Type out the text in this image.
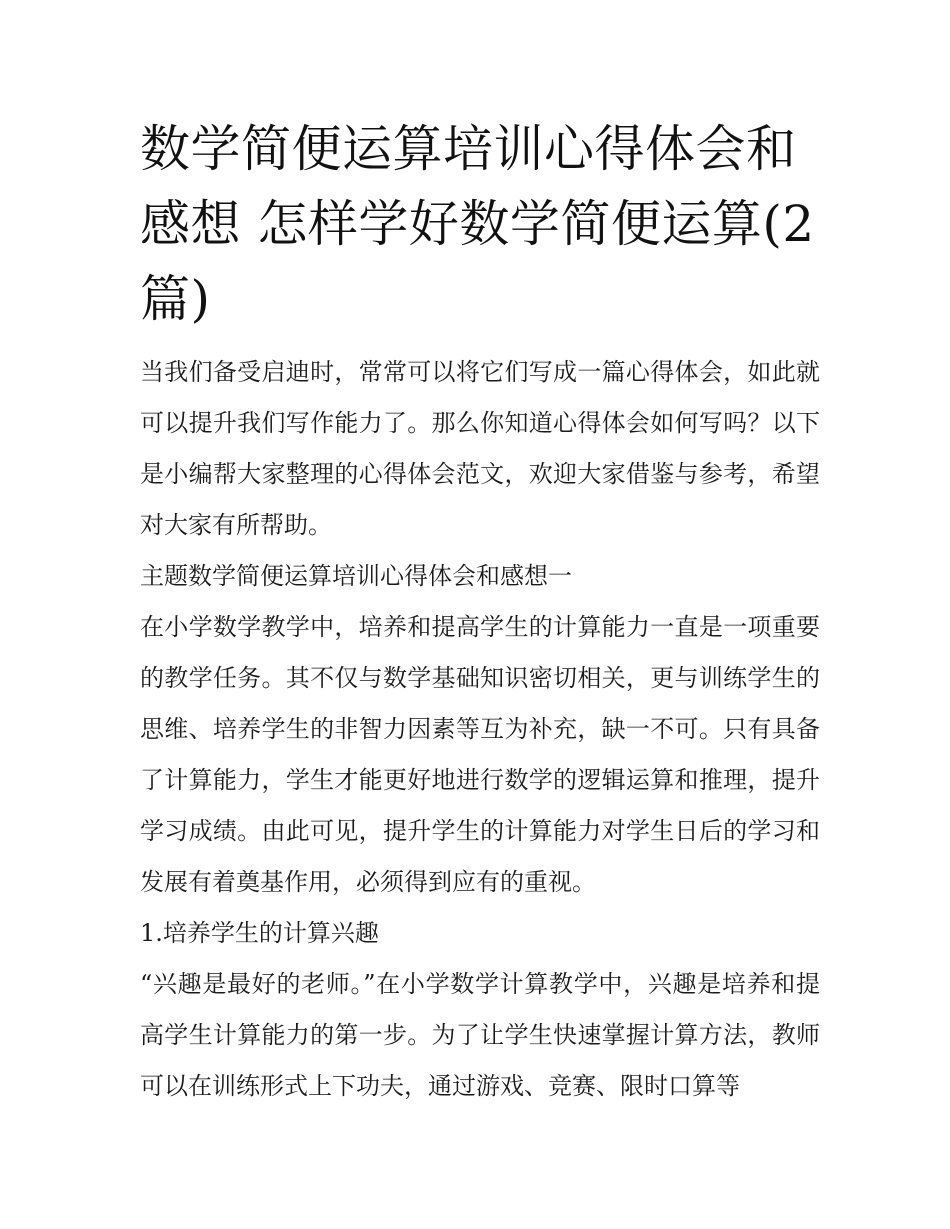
数学简便运算培训心得体会和感想 怎样学好数学简便运算(2篇)

当我们备受启迪时，常常可以将它们写成一篇心得体会，如此就可以提升我们写作能力了。那么你知道心得体会如何写吗？以下是小编帮大家整理的心得体会范文，欢迎大家借鉴与参考，希望对大家有所帮助。

主题数学简便运算培训心得体会和感想一

在小学数学教学中，培养和提高学生的计算能力一直是一项重要的教学任务。其不仅与数学基础知识密切相关，更与训练学生的思维、培养学生的非智力因素等互为补充，缺一不可。只有具备了计算能力，学生才能更好地进行数学的逻辑运算和推理，提升学习成绩。由此可见，提升学生的计算能力对学生日后的学习和发展有着奠基作用，必须得到应有的重视。

1.培养学生的计算兴趣

“兴趣是最好的老师。”在小学数学计算教学中，兴趣是培养和提高学生计算能力的第一步。为了让学生快速掌握计算方法，教师可以在训练形式上下功夫，通过游戏、竞赛、限时口算等
